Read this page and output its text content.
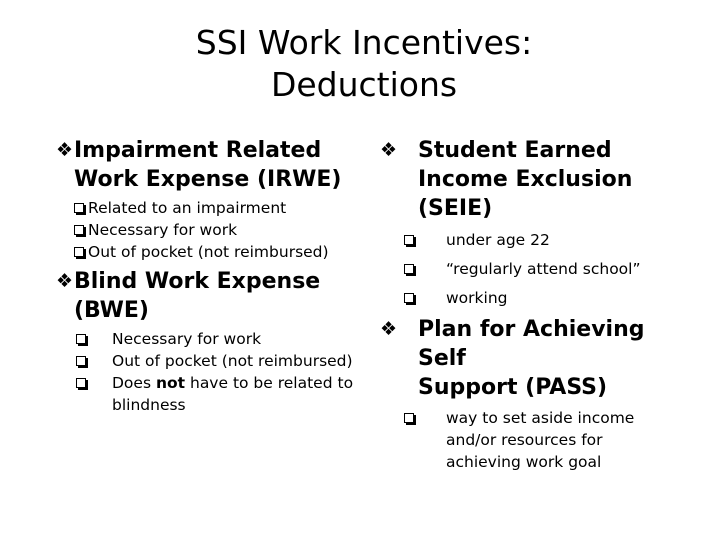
SSI Work Incentives:
Deductions
❖ Impairment Related
Work Expense (IRWE)
Related to an impairment
Necessary for work
Out of pocket (not reimbursed)
❖ Blind Work Expense
(BWE)
Necessary for work
Out of pocket (not reimbursed)
Does not have to be related to
blindness
❖ Student Earned
Income Exclusion
(SEIE)
under age 22
“regularly attend school”
working
❖ Plan for Achieving Self
Support (PASS)
way to set aside income
and/or resources for
achieving work goal
